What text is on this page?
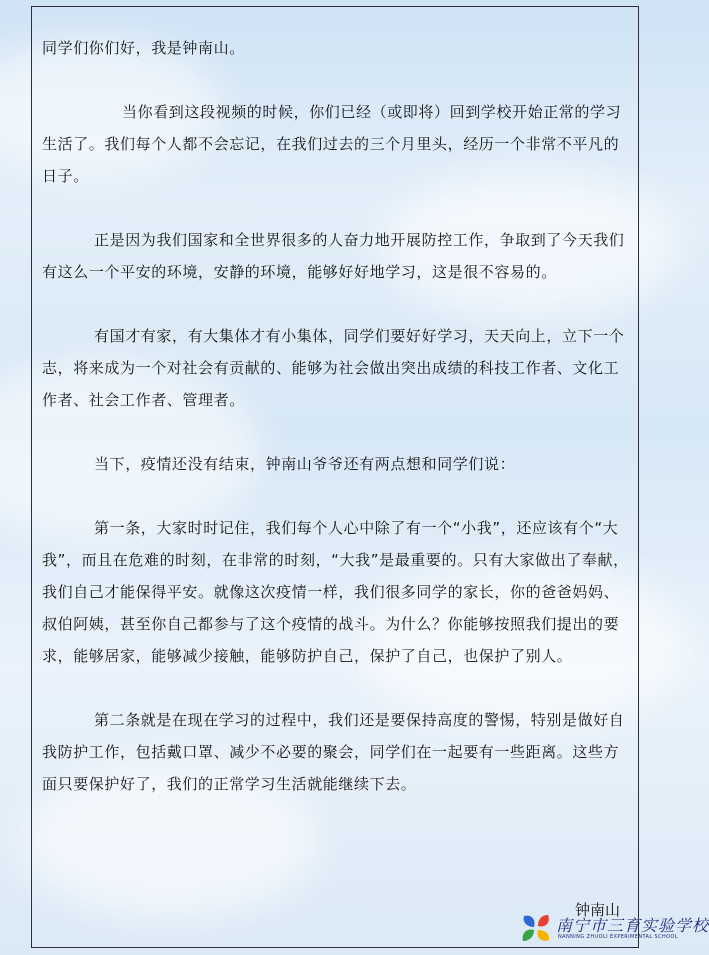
同学们你们好，我是钟南山。

当你看到这段视频的时候，你们已经（或即将）回到学校开始正常的学习生活了。我们每个人都不会忘记，在我们过去的三个月里头，经历一个非常不平凡的日子。

正是因为我们国家和全世界很多的人奋力地开展防控工作，争取到了今天我们有这么一个平安的环境，安静的环境，能够好好地学习，这是很不容易的。

有国才有家，有大集体才有小集体，同学们要好好学习，天天向上，立下一个志，将来成为一个对社会有贡献的、能够为社会做出突出成绩的科技工作者、文化工作者、社会工作者、管理者。

当下，疫情还没有结束，钟南山爷爷还有两点想和同学们说：

第一条，大家时时记住，我们每个人心中除了有一个“小我”，还应该有个“大我”，而且在危难的时刻，在非常的时刻，“大我”是最重要的。只有大家做出了奉献，我们自己才能保得平安。就像这次疫情一样，我们很多同学的家长，你的爸爸妈妈、叔伯阿姨，甚至你自己都参与了这个疫情的战斗。为什么？你能够按照我们提出的要求，能够居家，能够减少接触，能够防护自己，保护了自己，也保护了别人。

第二条就是在现在学习的过程中，我们还是要保持高度的警惕，特别是做好自我防护工作，包括戴口罩、减少不必要的聚会，同学们在一起要有一些距离。这些方面只要保护好了，我们的正常学习生活就能继续下去。

钟南山
南宁市三育实验学校
NANNING ZHUOLI EXPERIMENTAL SCHOOL
